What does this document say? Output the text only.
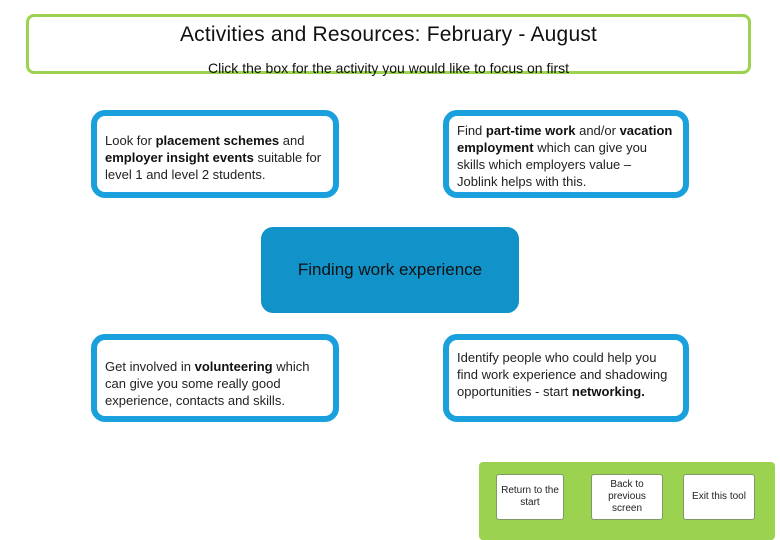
Activities and Resources: February - August
Click the box for the activity you would like to focus on first
Look for placement schemes and employer insight events suitable for level 1 and level 2 students.
Find part-time work and/or vacation employment which can give you skills which employers value – Joblink helps with this.
Finding work experience
Get involved in volunteering which can give you some really good experience, contacts and skills.
Identify people who could help you find work experience and shadowing opportunities - start networking.
Return to the start
Back to previous screen
Exit this tool
